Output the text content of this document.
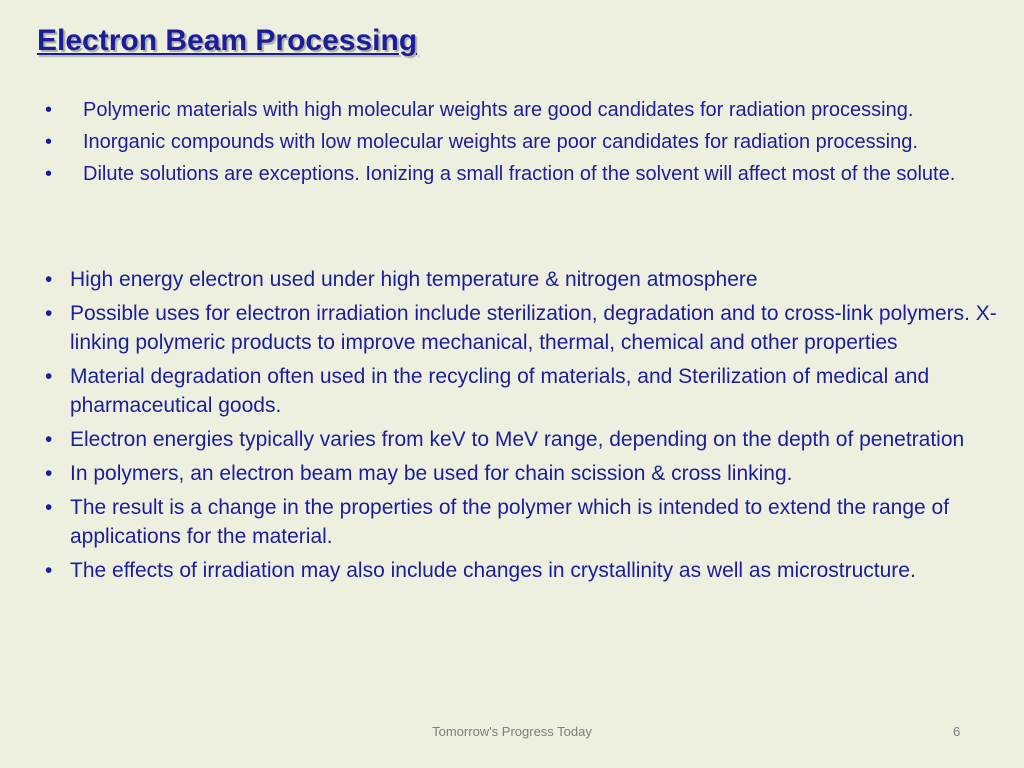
Electron Beam Processing
• Polymeric materials with high molecular weights are good candidates for radiation processing.
• Inorganic compounds with low molecular weights are poor candidates for radiation processing.
• Dilute solutions are exceptions. Ionizing a small fraction of the solvent will affect most of the solute.
• High energy electron used under high temperature & nitrogen atmosphere
• Possible uses for electron irradiation include sterilization, degradation and to cross-link polymers. X-linking polymeric products to improve mechanical, thermal, chemical and other properties
• Material degradation often used in the recycling of materials, and Sterilization of medical and pharmaceutical goods.
• Electron energies typically varies from keV to MeV range, depending on the depth of penetration
• In polymers, an electron beam may be used for chain scission & cross linking.
• The result is a change in the properties of the polymer which is intended to extend the range of applications for the material.
• The effects of irradiation may also include changes in crystallinity as well as microstructure.
Tomorrow's Progress Today	6
